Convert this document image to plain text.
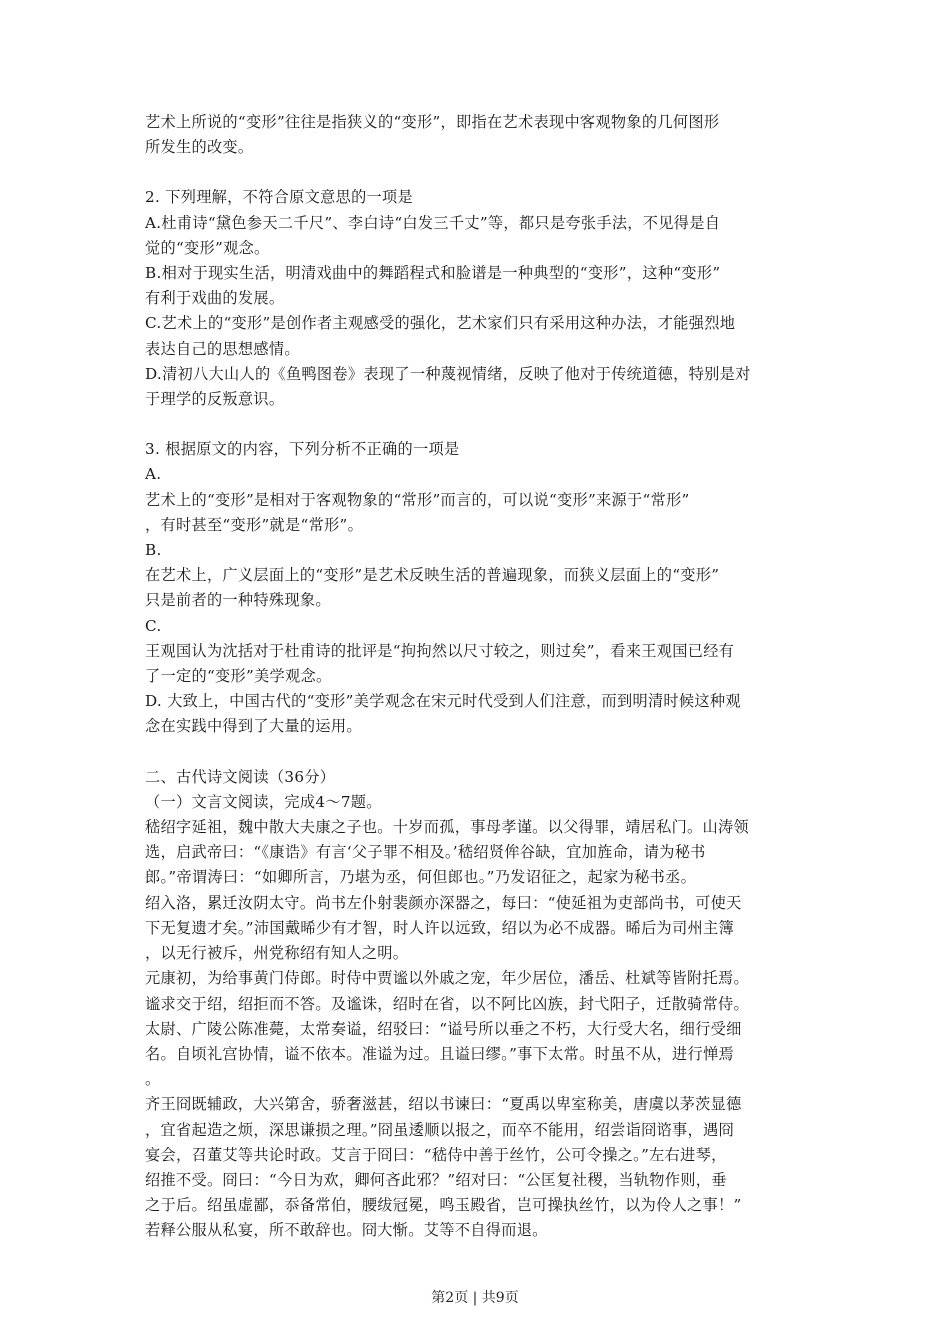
艺术上所说的“变形”往往是指狭义的“变形”，即指在艺术表现中客观物象的几何图形

所发生的改变。

2. 下列理解，不符合原文意思的一项是

A.杜甫诗“黛色参天二千尺”、李白诗“白发三千丈”等，都只是夸张手法，不见得是自

觉的“变形”观念。

B.相对于现实生活，明清戏曲中的舞蹈程式和脸谱是一种典型的“变形”，这种“变形”

有利于戏曲的发展。

C.艺术上的“变形”是创作者主观感受的强化，艺术家们只有采用这种办法，才能强烈地

表达自己的思想感情。

D.清初八大山人的《鱼鸭图卷》表现了一种蔑视情绪，反映了他对于传统道德，特别是对

于理学的反叛意识。

3. 根据原文的内容，下列分析不正确的一项是

A.

艺术上的“变形”是相对于客观物象的“常形”而言的，可以说“变形”来源于“常形”

，有时甚至“变形”就是“常形”。

B.

在艺术上，广义层面上的“变形”是艺术反映生活的普遍现象，而狭义层面上的“变形”

只是前者的一种特殊现象。

C.

王观国认为沈括对于杜甫诗的批评是“拘拘然以尺寸较之，则过矣”，看来王观国已经有

了一定的“变形”美学观念。

D. 大致上，中国古代的“变形”美学观念在宋元时代受到人们注意，而到明清时候这种观

念在实践中得到了大量的运用。

二、古代诗文阅读（36分）

（一）文言文阅读，完成4～7题。

嵇绍字延祖，魏中散大夫康之子也。十岁而孤，事母孝谨。以父得罪，靖居私门。山涛领

选，启武帝曰：“《康诰》有言‘父子罪不相及。’嵇绍贤侔谷缺，宜加旌命，请为秘书

郎。”帝谓涛曰：“如卿所言，乃堪为丞，何但郎也。”乃发诏征之，起家为秘书丞。

绍入洛，累迁汝阴太守。尚书左仆射裴颜亦深器之，每曰：“使延祖为吏部尚书，可使天

下无复遗才矣。”沛国戴晞少有才智，时人许以远致，绍以为必不成器。晞后为司州主簿

，以无行被斥，州党称绍有知人之明。

元康初，为给事黄门侍郎。时侍中贾谧以外戚之宠，年少居位，潘岳、杜斌等皆附托焉。

谧求交于绍，绍拒而不答。及谧诛，绍时在省，以不阿比凶族，封弋阳子，迁散骑常侍。

太尉、广陵公陈准薨，太常奏谥，绍驳曰：“谥号所以垂之不朽，大行受大名，细行受细

名。自顷礼宫协情，谥不依本。准谥为过。且谥曰缪。”事下太常。时虽不从，进行惮焉

。

齐王冏既辅政，大兴第舍，骄奢滋甚，绍以书谏曰：“夏禹以卑室称美，唐虞以茅茨显德

，宜省起造之烦，深思谦损之理。”冏虽逶顺以报之，而卒不能用，绍尝诣冏谘事，遇冏

宴会，召董艾等共论时政。艾言于冏曰：“嵇侍中善于丝竹，公可令操之。”左右进琴，

绍推不受。冏曰：“今日为欢，卿何吝此邪？”绍对曰：“公匡复社稷，当轨物作则，垂

之于后。绍虽虚鄙，忝备常伯，腰绂冠冕，鸣玉殿省，岂可操执丝竹，以为伶人之事！”

若释公服从私宴，所不敢辞也。冏大惭。艾等不自得而退。

第2页 | 共9页
